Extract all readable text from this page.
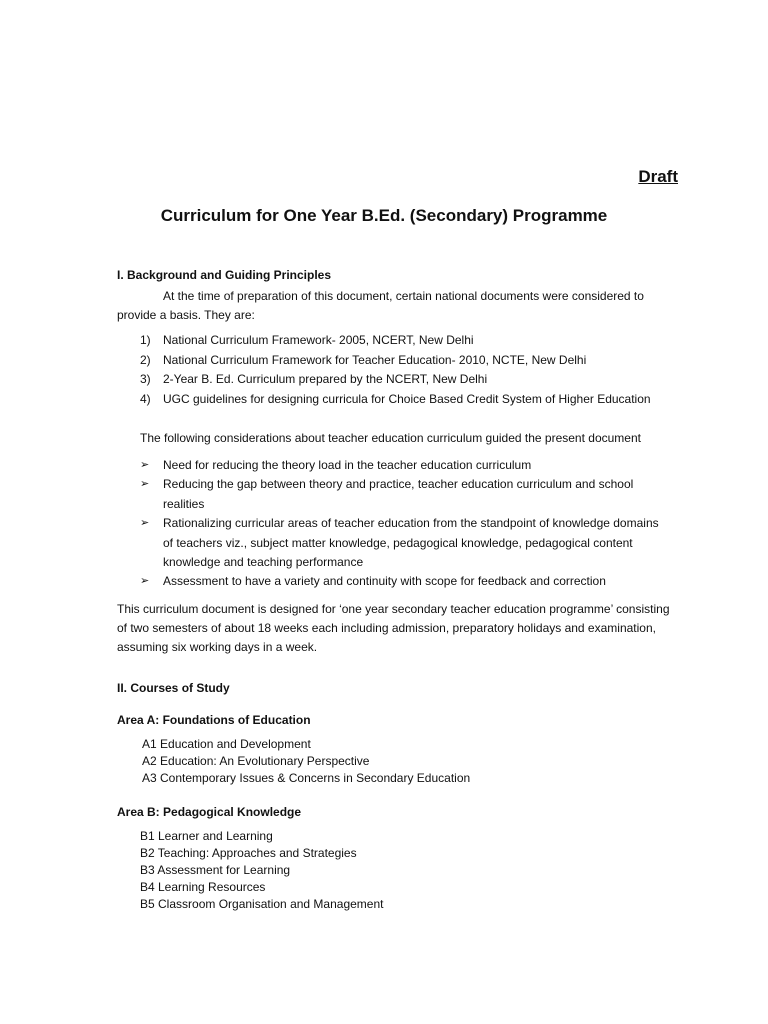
Draft
Curriculum for One Year B.Ed. (Secondary) Programme
I. Background and Guiding Principles
At the time of preparation of this document, certain national documents were considered to provide a basis. They are:
1)	National Curriculum Framework- 2005, NCERT, New Delhi
2)	National Curriculum Framework for Teacher Education- 2010, NCTE, New Delhi
3)	2-Year B. Ed. Curriculum prepared by the NCERT, New Delhi
4)	UGC guidelines for designing curricula for Choice Based Credit System of Higher Education
The following considerations about teacher education curriculum guided the present document
➢	Need for reducing the theory load in the teacher education curriculum
➢	Reducing the gap between theory and practice, teacher education curriculum and school realities
➢	Rationalizing curricular areas of teacher education from the standpoint of knowledge domains of teachers viz., subject matter knowledge, pedagogical knowledge, pedagogical content knowledge and teaching performance
➢	Assessment to have a variety and continuity with scope for feedback and correction
This curriculum document is designed for ‘one year secondary teacher education programme’ consisting of two semesters of about 18 weeks each including admission, preparatory holidays and examination, assuming six working days in a week.
II. Courses of Study
Area A: Foundations of Education
A1 Education and Development
A2 Education: An Evolutionary Perspective
A3 Contemporary Issues & Concerns in Secondary Education
Area B: Pedagogical Knowledge
B1 Learner and Learning
B2 Teaching: Approaches and Strategies
B3 Assessment for Learning
B4 Learning Resources
B5 Classroom Organisation and Management
